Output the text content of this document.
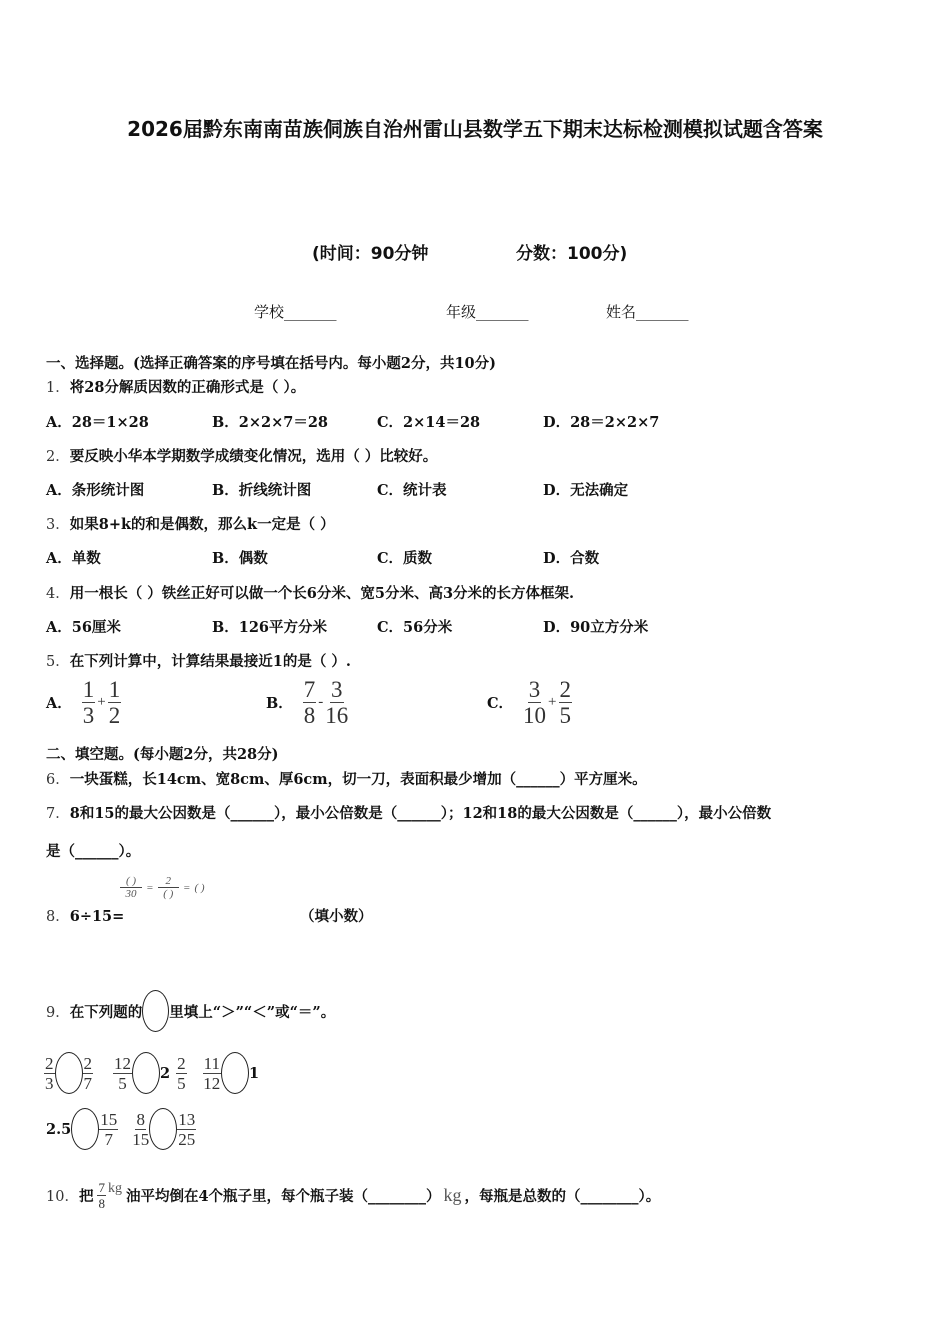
2026届黔东南南苗族侗族自治州雷山县数学五下期末达标检测模拟试题含答案
(时间：90分钟	分数：100分)
学校_______	年级_______	姓名_______
一、选择题。(选择正确答案的序号填在括号内。每小题2分，共10分)
1．将28分解质因数的正确形式是（ ）。
A．28＝1×28	B．2×2×7＝28	C．2×14＝28	D．28＝2×2×7
2．要反映小华本学期数学成绩变化情况，选用（ ）比较好。
A．条形统计图	B．折线统计图	C．统计表	D．无法确定
3．如果8+k的和是偶数，那么k一定是（ ）
A．单数	B．偶数	C．质数	D．合数
4．用一根长（ ）铁丝正好可以做一个长6分米、宽5分米、高3分米的长方体框架.
A．56厘米	B．126平方分米	C．56分米	D．90立方分米
5．在下列计算中，计算结果最接近1的是（ ）.
A． $\frac{1}{3} + \frac{1}{2}$	B． $\frac{7}{8} - \frac{3}{16}$	C． $\frac{3}{10} + \frac{2}{5}$
二、填空题。(每小题2分，共28分)
6．一块蛋糕，长14cm、宽8cm、厚6cm，切一刀，表面积最少增加（______）平方厘米。
7．8和15的最大公因数是（______），最小公倍数是（______）；12和18的最大公因数是（______），最小公倍数
是（______）。
8．6÷15=
$\frac{( )}{30} = \frac{2}{( )}$ = ( )
（填小数）
9． 在下列题的 里填上“＞”“＜”或“＝”。
$\frac{2}{3} \frac{2}{7} \frac{12}{5} 2 \frac{2}{5} \frac{11}{12} 1$
$2.5 \frac{15}{7} \frac{8}{15} \frac{13}{25}$
10． 把 $\frac{7}{8}$ kg 油平均倒在4个瓶子里，每个瓶子装（________） kg ，每瓶是总数的（________）。
